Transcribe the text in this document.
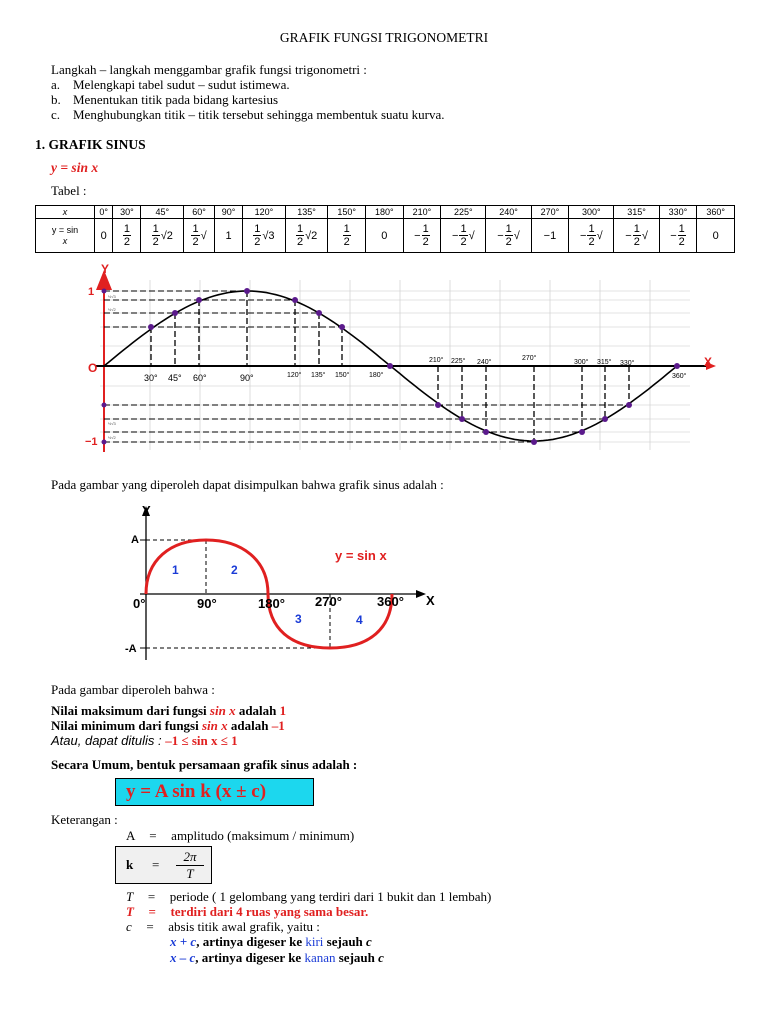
GRAFIK FUNGSI TRIGONOMETRI
Langkah – langkah menggambar grafik fungsi trigonometri :
a. Melengkapi tabel sudut – sudut istimewa.
b. Menentukan titik pada bidang kartesius
c. Menghubungkan titik – titik tersebut sehingga membentuk suatu kurva.
1. GRAFIK SINUS
y = sin x
Tabel :
x	0°	30°	45°	60°	90°	120°	135°	150°	180°	210°	225°	240°	270°	300°	315°	330°	360°
y = sin
x	0	$\frac{1}{2}$	$\frac{1}{2} √2$	$\frac{1}{2}$ √	1	$\frac{1}{2} √3$	$\frac{1}{2} √2$	$\frac{1}{2}$	0	− $\frac{1}{2}$	− $\frac{1}{2}$ √	− $\frac{1}{2}$ √	−1	− $\frac{1}{2}$ √	− $\frac{1}{2}$ √	− $\frac{1}{2}$	0
Y
X
1
O
−1
½√3
½√2
½√3
½√2
30° 45° 60°	90°	120° 135° 150°	180°
210° 225° 240°
270°
300° 315° 330°
360°
Pada gambar yang diperoleh dapat disimpulkan bahwa grafik sinus adalah :
Y
X
A
-A
0°	90°	180° 270°	360°
y = sin x
1	2
3	4
Pada gambar diperoleh bahwa :
Nilai maksimum dari fungsi sin x adalah 1
Nilai minimum dari fungsi sin x adalah –1
Atau, dapat ditulis : –1 ≤ sin x ≤ 1
Secara Umum, bentuk persamaan grafik sinus adalah :
y = A sin k (x ± c)
Keterangan :
A = amplitudo (maksimum / minimum)
k =
2π
T
T = periode ( 1 gelombang yang terdiri dari 1 bukit dan 1 lembah)
T = terdiri dari 4 ruas yang sama besar.
c = absis titik awal grafik, yaitu :
x + c, artinya digeser ke kiri sejauh c
x – c, artinya digeser ke kanan sejauh c
